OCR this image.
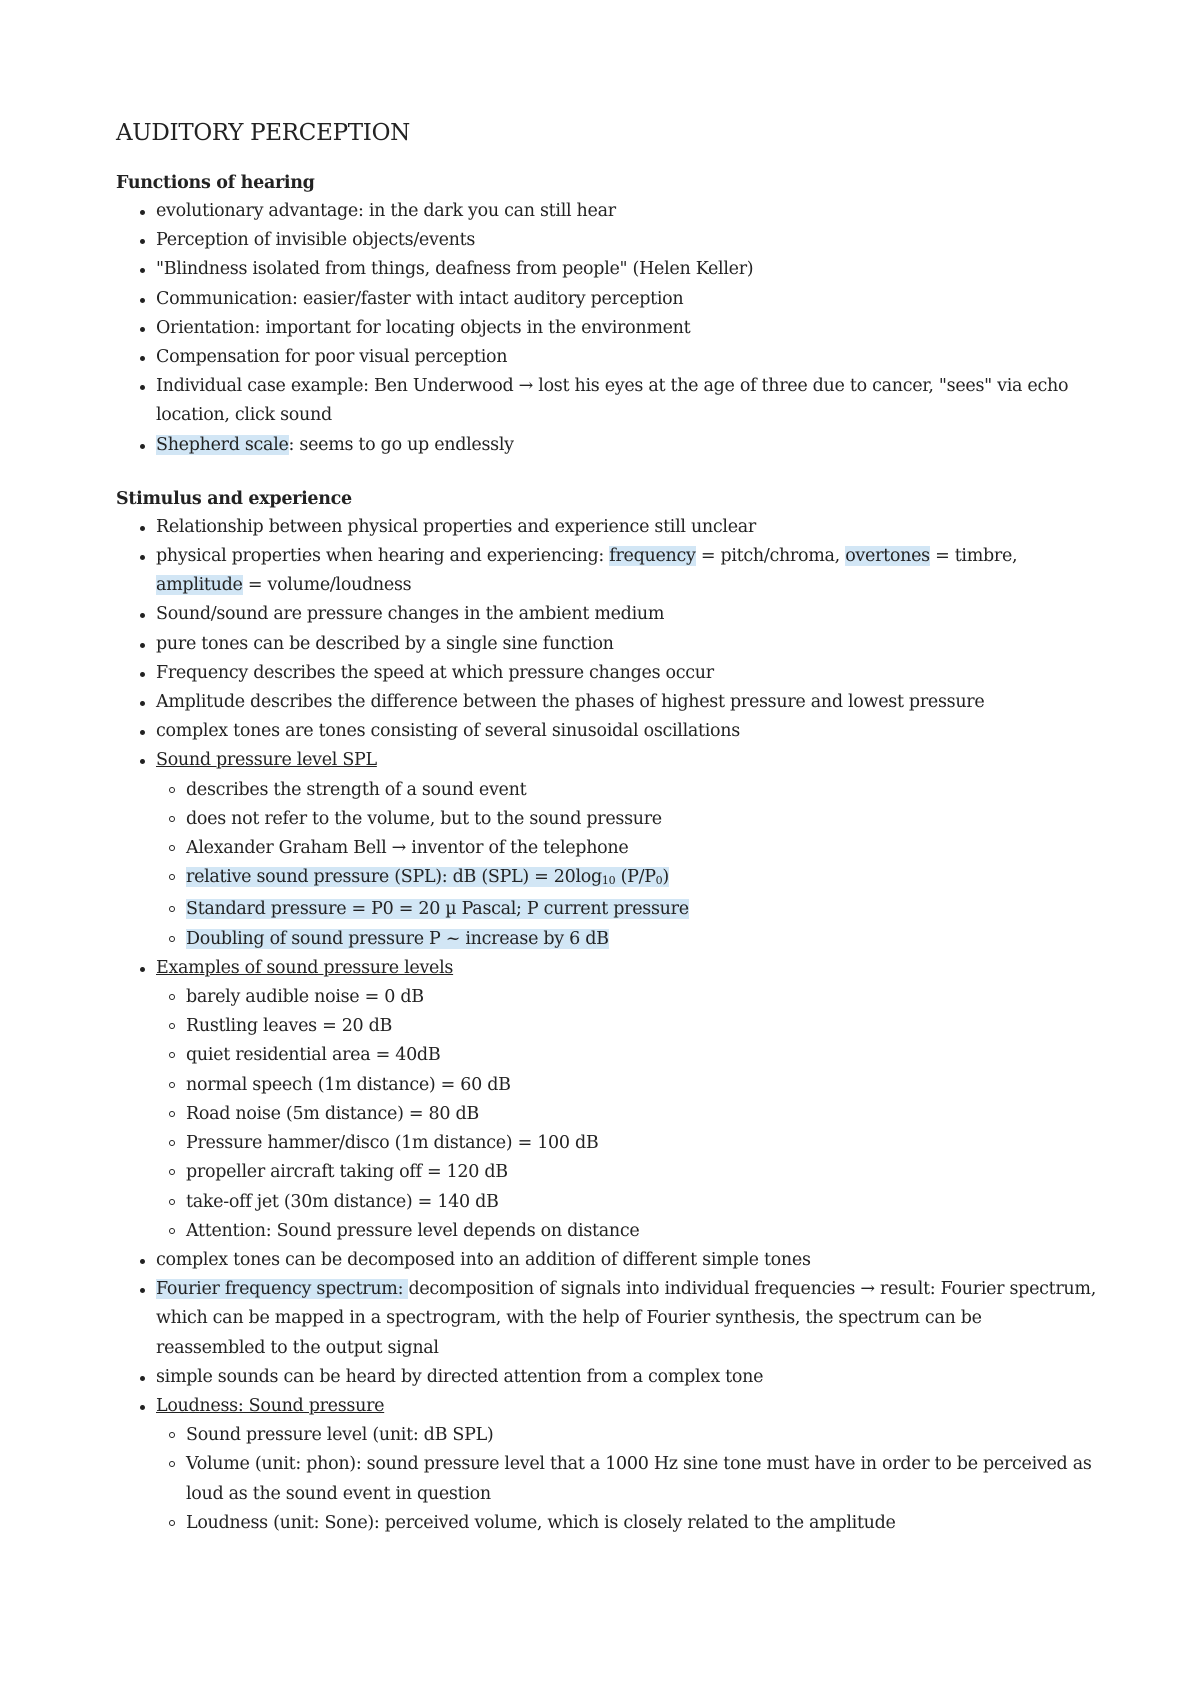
AUDITORY PERCEPTION
Functions of hearing
evolutionary advantage: in the dark you can still hear
Perception of invisible objects/events
"Blindness isolated from things, deafness from people" (Helen Keller)
Communication: easier/faster with intact auditory perception
Orientation: important for locating objects in the environment
Compensation for poor visual perception
Individual case example: Ben Underwood → lost his eyes at the age of three due to cancer, "sees" via echo location, click sound
Shepherd scale: seems to go up endlessly
Stimulus and experience
Relationship between physical properties and experience still unclear
physical properties when hearing and experiencing: frequency = pitch/chroma, overtones = timbre, amplitude = volume/loudness
Sound/sound are pressure changes in the ambient medium
pure tones can be described by a single sine function
Frequency describes the speed at which pressure changes occur
Amplitude describes the difference between the phases of highest pressure and lowest pressure
complex tones are tones consisting of several sinusoidal oscillations
Sound pressure level SPL
describes the strength of a sound event
does not refer to the volume, but to the sound pressure
Alexander Graham Bell → inventor of the telephone
relative sound pressure (SPL): dB $(SPL) = 20\log_{10}$ $(P/P_0)$
Standard pressure = P0 = 20 µ Pascal; P current pressure
Doubling of sound pressure P ~ increase by 6 dB
Examples of sound pressure levels
barely audible noise = 0 dB
Rustling leaves = 20 dB
quiet residential area = 40dB
normal speech (1m distance) = 60 dB
Road noise (5m distance) = 80 dB
Pressure hammer/disco (1m distance) = 100 dB
propeller aircraft taking off = 120 dB
take-off jet (30m distance) = 140 dB
Attention: Sound pressure level depends on distance
complex tones can be decomposed into an addition of different simple tones
Fourier frequency spectrum: decomposition of signals into individual frequencies → result: Fourier spectrum, which can be mapped in a spectrogram, with the help of Fourier synthesis, the spectrum can be reassembled to the output signal
simple sounds can be heard by directed attention from a complex tone
Loudness: Sound pressure
Sound pressure level (unit: dB SPL)
Volume (unit: phon): sound pressure level that a 1000 Hz sine tone must have in order to be perceived as loud as the sound event in question
Loudness (unit: Sone): perceived volume, which is closely related to the amplitude
